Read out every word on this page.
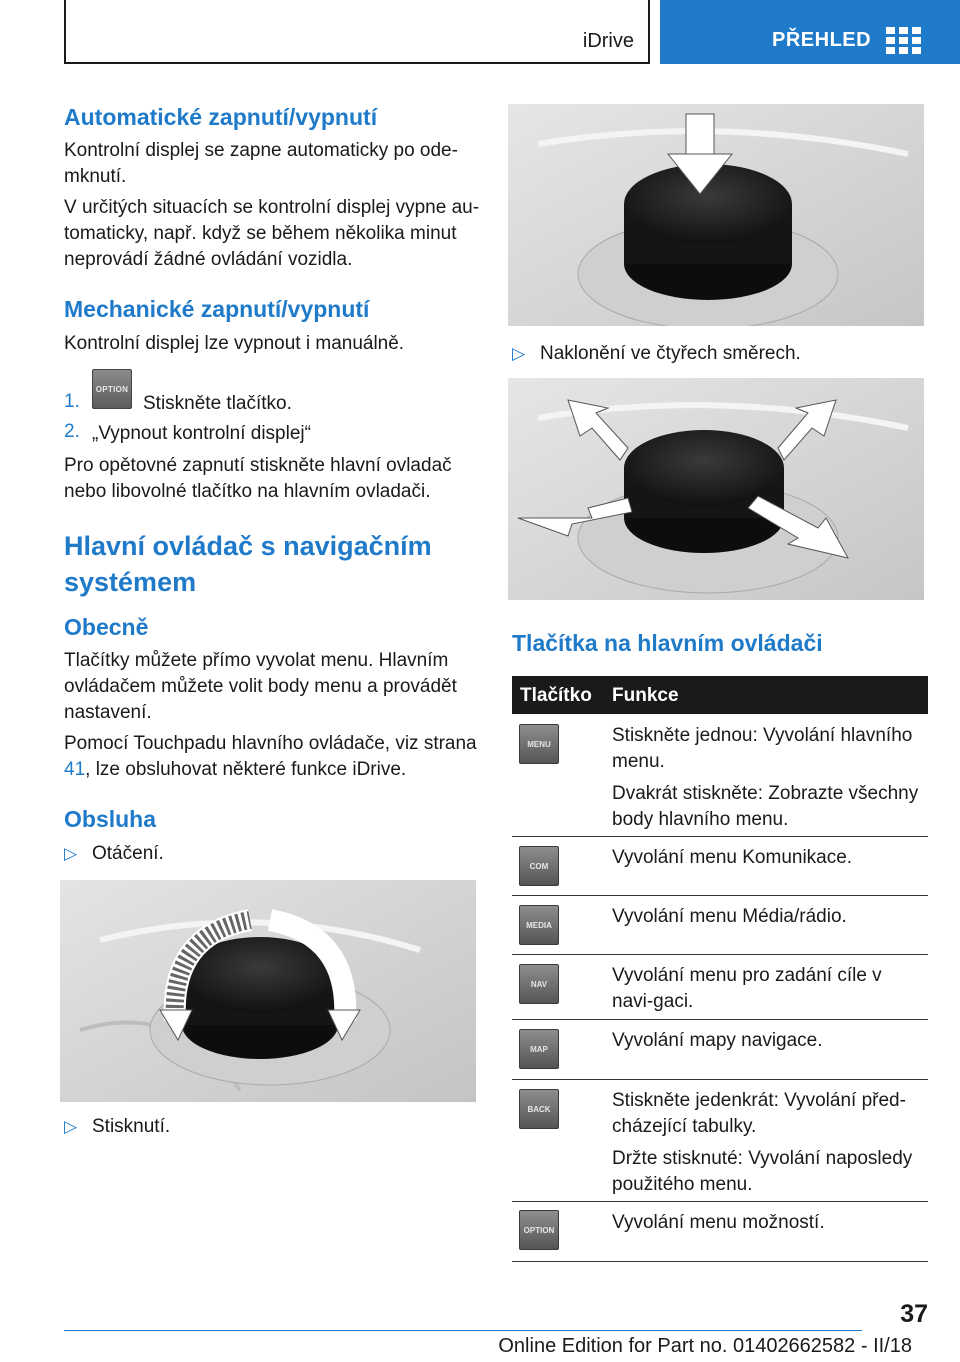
iDrive	PŘEHLED
Automatické zapnutí/vypnutí
Kontrolní displej se zapne automaticky po ode‐mknutí.
V určitých situacích se kontrolní displej vypne au‐tomaticky, např. když se během několika minut neprovádí žádné ovládání vozidla.
Mechanické zapnutí/vypnutí
Kontrolní displej lze vypnout i manuálně.
1.
OPTION
Stiskněte tlačítko.
2. „Vypnout kontrolní displej“
Pro opětovné zapnutí stiskněte hlavní ovladač nebo libovolné tlačítko na hlavním ovladači.
Hlavní ovládač s navigačním systémem
Obecně
Tlačítky můžete přímo vyvolat menu. Hlavním ovládačem můžete volit body menu a provádět nastavení.
Pomocí Touchpadu hlavního ovládače, viz strana 41, lze obsluhovat některé funkce iDrive.
Obsluha
▷ Otáčení.
▷ Stisknutí.
▷ Naklonění ve čtyřech směrech.
Tlačítka na hlavním ovládači
Tlačítko Funkce
MENU	Stiskněte jednou: Vyvolání hlavního menu.

Dvakrát stiskněte: Zobrazte všechny body hlavního menu.

COM	Vyvolání menu Komunikace.

MEDIA	Vyvolání menu Média/rádio.

NAV	Vyvolání menu pro zadání cíle v navi‐gaci.

MAP	Vyvolání mapy navigace.

BACK	Stiskněte jedenkrát: Vyvolání před‐cházející tabulky.

Držte stisknuté: Vyvolání naposledy použitého menu.

OPTION	Vyvolání menu možností.

37
Online Edition for Part no. 01402662582 - II/18
